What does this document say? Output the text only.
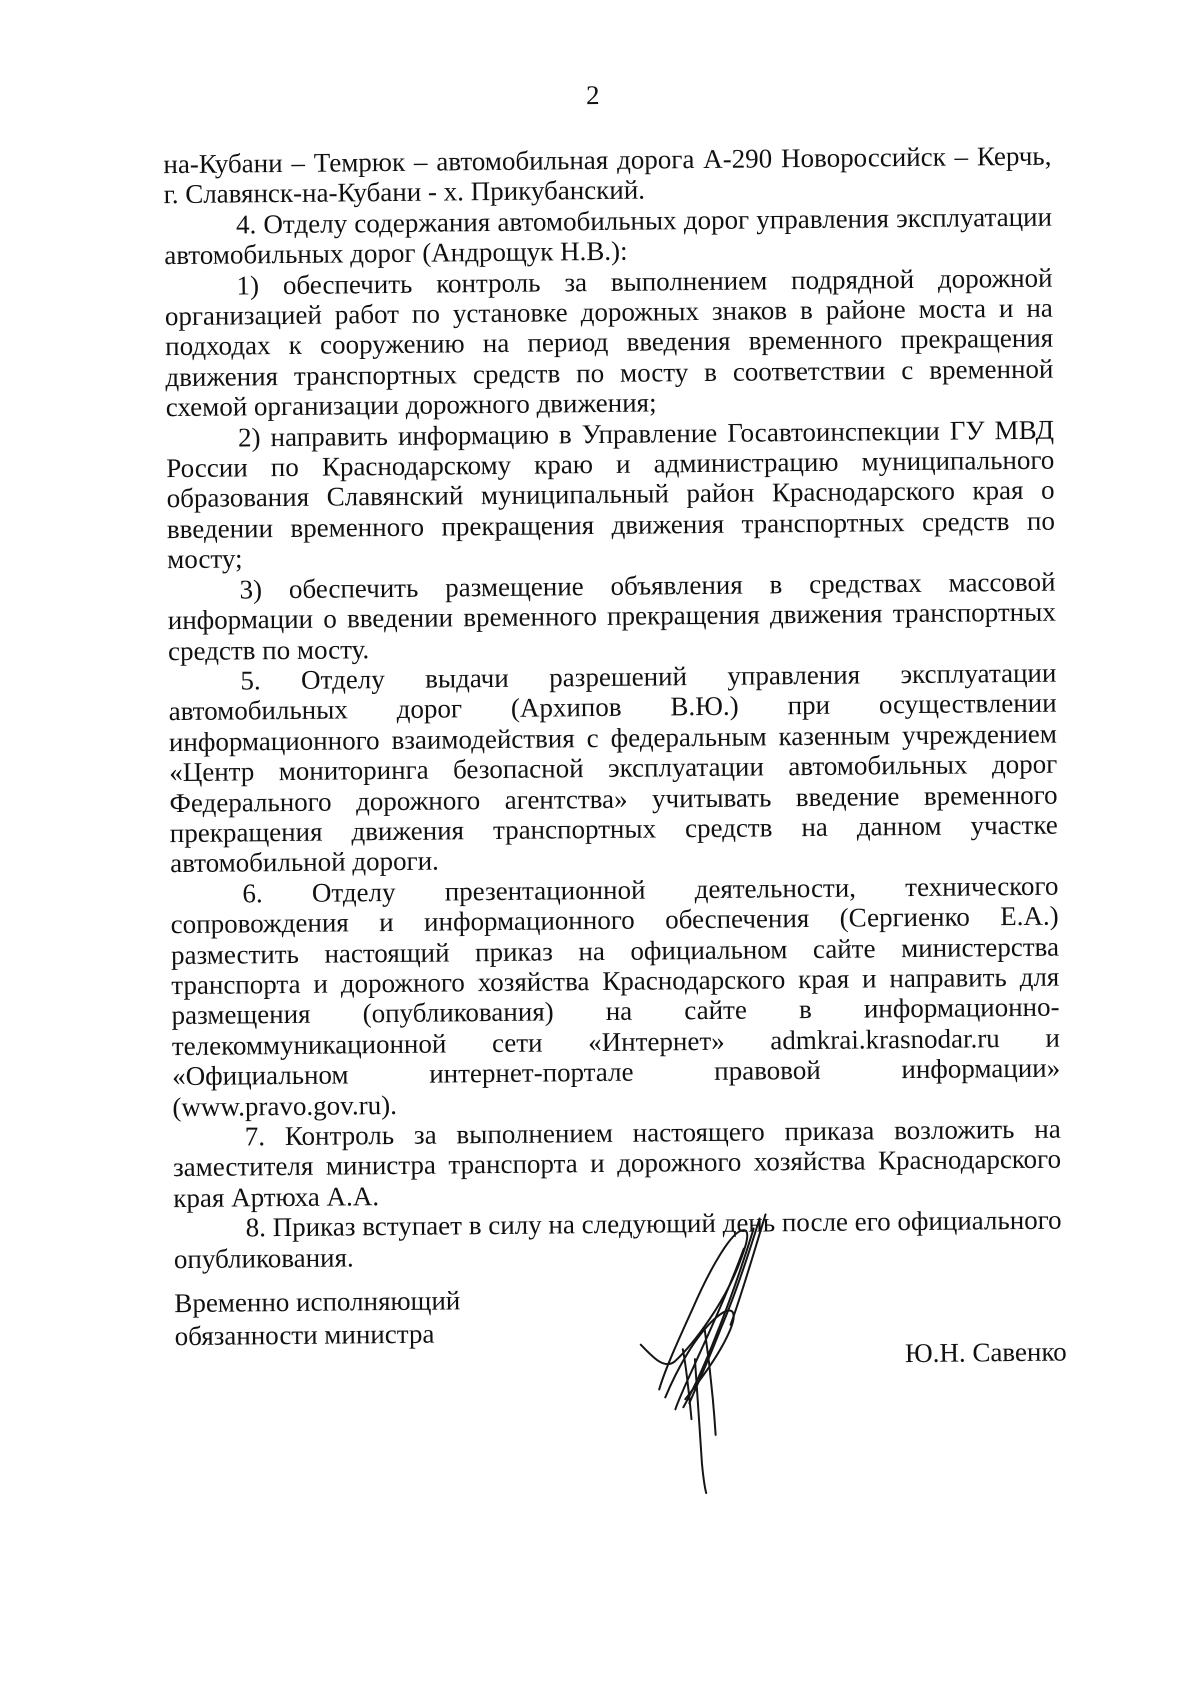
2

на-Кубани – Темрюк – автомобильная дорога А-290 Новороссийск – Керчь, г. Славянск-на-Кубани - х. Прикубанский.

4. Отделу содержания автомобильных дорог управления эксплуатации автомобильных дорог (Андрощук Н.В.):

1) обеспечить контроль за выполнением подрядной дорожной организацией работ по установке дорожных знаков в районе моста и на подходах к сооружению на период введения временного прекращения движения транспортных средств по мосту в соответствии с временной схемой организации дорожного движения;

2) направить информацию в Управление Госавтоинспекции ГУ МВД России по Краснодарскому краю и администрацию муниципального образования Славянский муниципальный район Краснодарского края о введении временного прекращения движения транспортных средств по мосту;

3) обеспечить размещение объявления в средствах массовой информации о введении временного прекращения движения транспортных средств по мосту.

5. Отделу выдачи разрешений управления эксплуатации автомобильных дорог (Архипов В.Ю.) при осуществлении информационного взаимодействия с федеральным казенным учреждением «Центр мониторинга безопасной эксплуатации автомобильных дорог Федерального дорожного агентства» учитывать введение временного прекращения движения транспортных средств на данном участке автомобильной дороги.

6. Отделу презентационной деятельности, технического сопровождения и информационного обеспечения (Сергиенко Е.А.) разместить настоящий приказ на официальном сайте министерства транспорта и дорожного хозяйства Краснодарского края и направить для размещения (опубликования) на сайте в информационно-телекоммуникационной сети «Интернет» admkrai.krasnodar.ru и «Официальном интернет-портале правовой информации» (www.pravo.gov.ru).

7. Контроль за выполнением настоящего приказа возложить на заместителя министра транспорта и дорожного хозяйства Краснодарского края Артюха А.А.

8. Приказ вступает в силу на следующий день после его официального опубликования.

Временно исполняющий
обязанности министра
Ю.Н. Савенко
